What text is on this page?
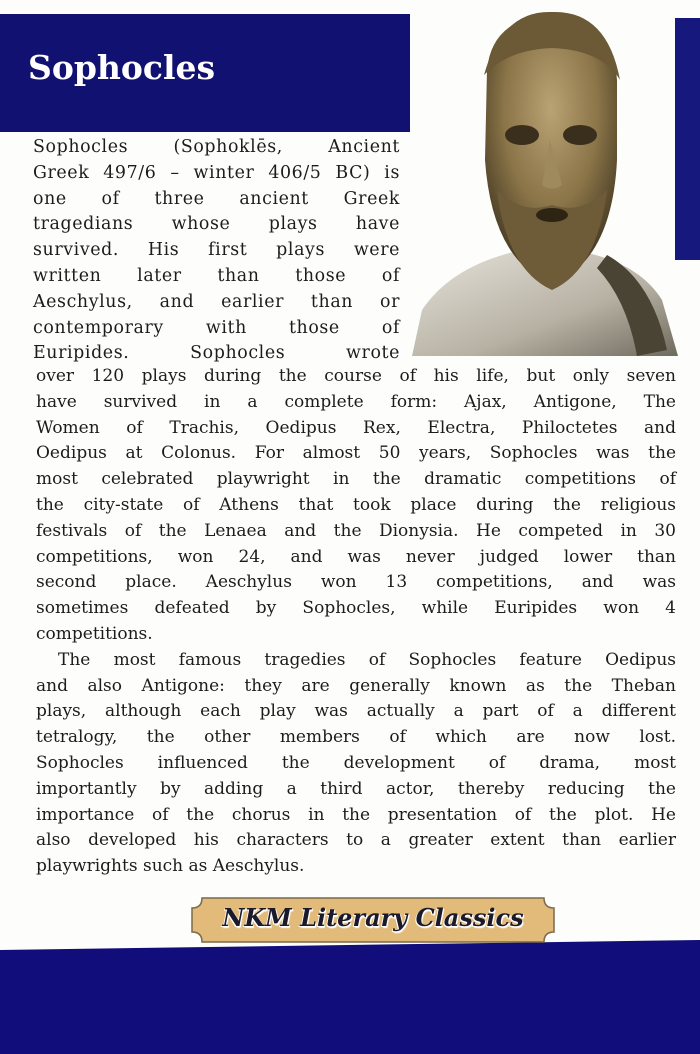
Sophocles
Sophocles (Sophoklēs, Ancient
Greek 497/6 – winter 406/5 BC) is
one of three ancient Greek
tragedians whose plays have
survived. His first plays were
written later than those of
Aeschylus, and earlier than or
contemporary with those of
Euripides. Sophocles wrote
over 120 plays during the course of his life, but only seven
have survived in a complete form: Ajax, Antigone, The
Women of Trachis, Oedipus Rex, Electra, Philoctetes and
Oedipus at Colonus. For almost 50 years, Sophocles was the
most celebrated playwright in the dramatic competitions of
the city-state of Athens that took place during the religious
festivals of the Lenaea and the Dionysia. He competed in 30
competitions, won 24, and was never judged lower than
second place. Aeschylus won 13 competitions, and was
sometimes defeated by Sophocles, while Euripides won 4
competitions.
The most famous tragedies of Sophocles feature Oedipus
and also Antigone: they are generally known as the Theban
plays, although each play was actually a part of a different
tetralogy, the other members of which are now lost.
Sophocles influenced the development of drama, most
importantly by adding a third actor, thereby reducing the
importance of the chorus in the presentation of the plot. He
also developed his characters to a greater extent than earlier
playwrights such as Aeschylus.
NKM Literary Classics
